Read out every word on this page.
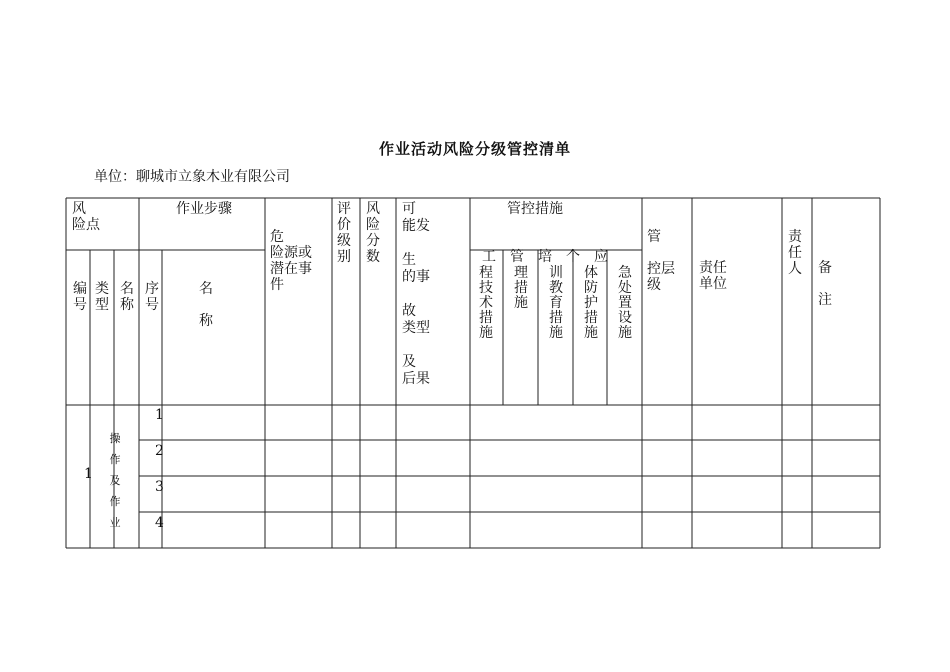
作业活动风险分级管控清单
单位：聊城市立象木业有限公司
风
险点
作业步骤
危
险源或
潜在事
件
评
价
级
别
风
险
分
数
可
能发

生
的事

故
类型

及
后果
管控措施
管

控层
级
责任
单位
责
任
人 备

注
编
号
类
型
名
称
序
号
名

称
工　管　培　个　应
程技术措施
理措施
训教育措施
体防护措施
急处置设施
1
操作及作业
1
2
3
4
